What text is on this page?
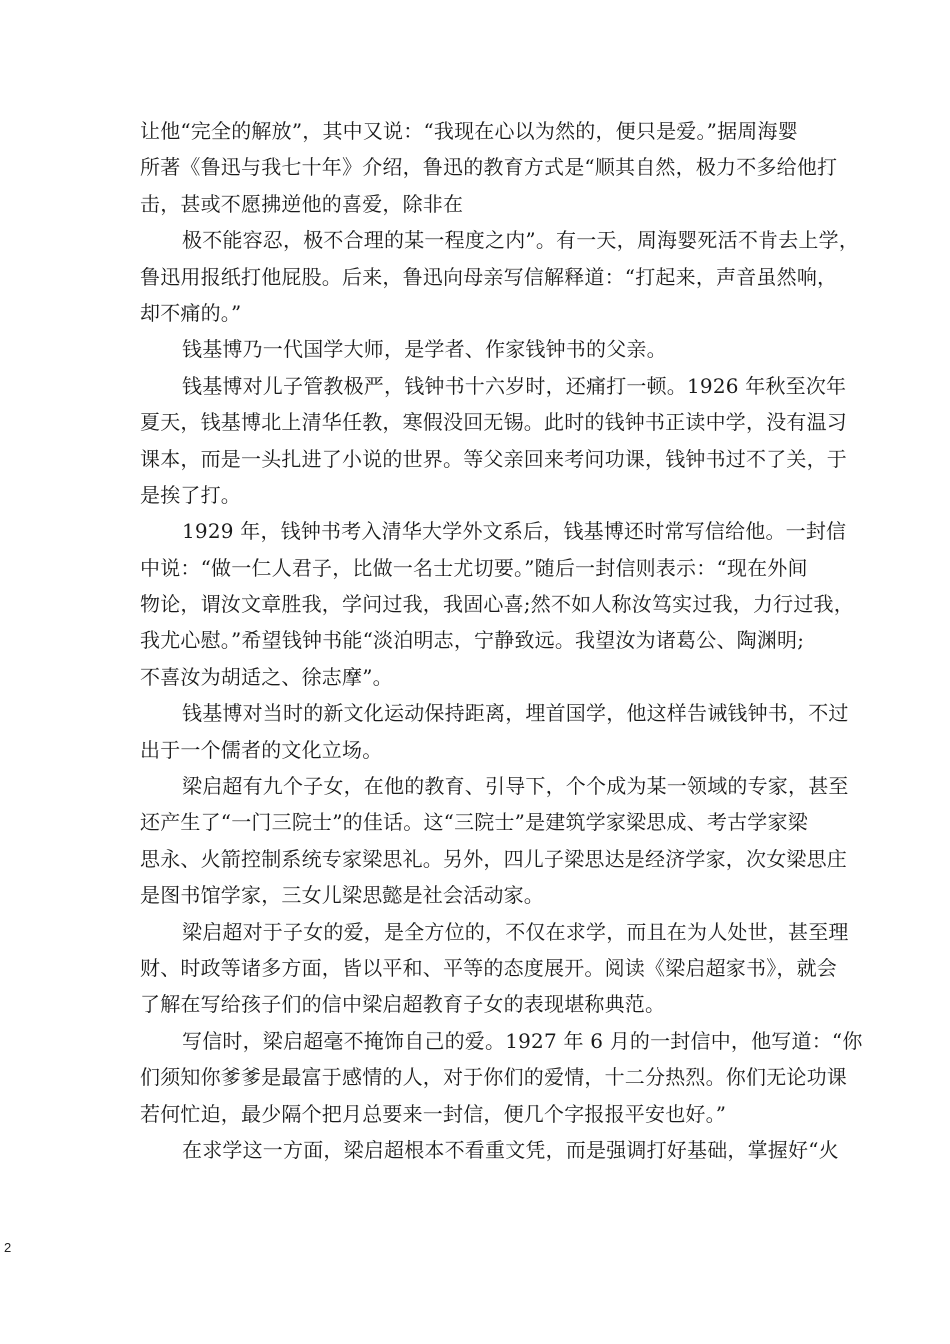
让他“完全的解放”，其中又说：“我现在心以为然的，便只是爱。”据周海婴
所著《鲁迅与我七十年》介绍，鲁迅的教育方式是“顺其自然，极力不多给他打
击，甚或不愿拂逆他的喜爱，除非在
极不能容忍，极不合理的某一程度之内”。有一天，周海婴死活不肯去上学，
鲁迅用报纸打他屁股。后来，鲁迅向母亲写信解释道：“打起来，声音虽然响，
却不痛的。”
钱基博乃一代国学大师，是学者、作家钱钟书的父亲。
钱基博对儿子管教极严，钱钟书十六岁时，还痛打一顿。1926 年秋至次年
夏天，钱基博北上清华任教，寒假没回无锡。此时的钱钟书正读中学，没有温习
课本，而是一头扎进了小说的世界。等父亲回来考问功课，钱钟书过不了关，于
是挨了打。
1929 年，钱钟书考入清华大学外文系后，钱基博还时常写信给他。一封信
中说：“做一仁人君子，比做一名士尤切要。”随后一封信则表示：“现在外间
物论，谓汝文章胜我，学问过我，我固心喜;然不如人称汝笃实过我，力行过我，
我尤心慰。”希望钱钟书能“淡泊明志，宁静致远。我望汝为诸葛公、陶渊明;
不喜汝为胡适之、徐志摩”。
钱基博对当时的新文化运动保持距离，埋首国学，他这样告诫钱钟书，不过
出于一个儒者的文化立场。
梁启超有九个子女，在他的教育、引导下，个个成为某一领域的专家，甚至
还产生了“一门三院士”的佳话。这“三院士”是建筑学家梁思成、考古学家梁
思永、火箭控制系统专家梁思礼。另外，四儿子梁思达是经济学家，次女梁思庄
是图书馆学家，三女儿梁思懿是社会活动家。
梁启超对于子女的爱，是全方位的，不仅在求学，而且在为人处世，甚至理
财、时政等诸多方面，皆以平和、平等的态度展开。阅读《梁启超家书》，就会
了解在写给孩子们的信中梁启超教育子女的表现堪称典范。
写信时，梁启超毫不掩饰自己的爱。1927 年 6 月的一封信中，他写道：“你
们须知你爹爹是最富于感情的人，对于你们的爱情，十二分热烈。你们无论功课
若何忙迫，最少隔个把月总要来一封信，便几个字报报平安也好。”
在求学这一方面，梁启超根本不看重文凭，而是强调打好基础，掌握好“火
2
